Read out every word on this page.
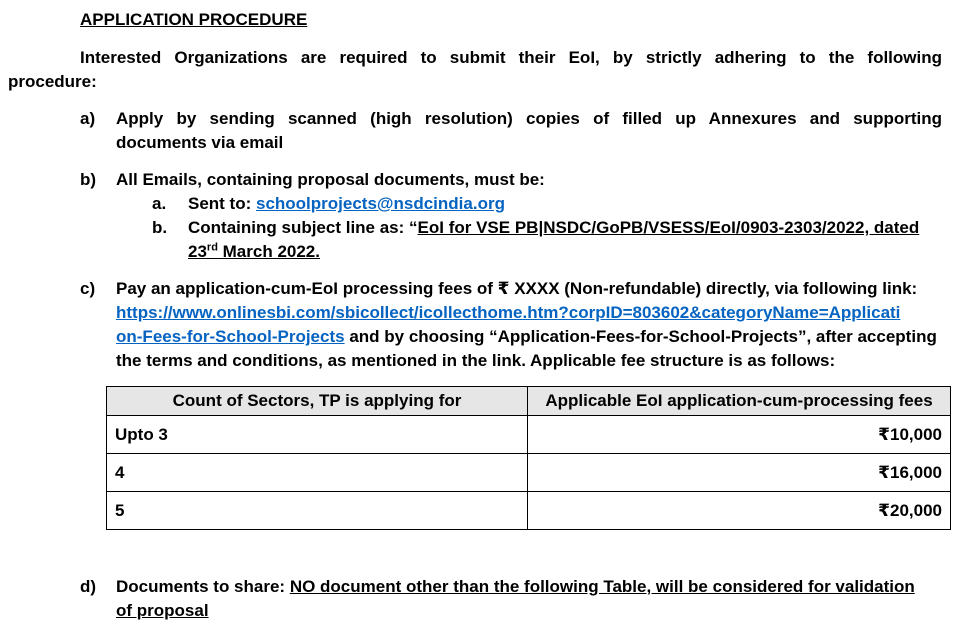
APPLICATION PROCEDURE
Interested Organizations are required to submit their EoI, by strictly adhering to the following
procedure:
a) Apply by sending scanned (high resolution) copies of filled up Annexures and supporting
documents via email
b) All Emails, containing proposal documents, must be:
a. Sent to: schoolprojects@nsdcindia.org
b. Containing subject line as: “EoI for VSE PB|NSDC/GoPB/VSESS/EoI/0903-2303/2022, dated
23rd March 2022.
c) Pay an application-cum-EoI processing fees of ₹ XXXX (Non-refundable) directly, via following link:
https://www.onlinesbi.com/sbicollect/icollecthome.htm?corpID=803602&categoryName=Applicati
on-Fees-for-School-Projects and by choosing “Application-Fees-for-School-Projects”, after accepting
the terms and conditions, as mentioned in the link. Applicable fee structure is as follows:
Count of Sectors, TP is applying for	Applicable EoI application-cum-processing fees
Upto 3	₹10,000
4	₹16,000
5	₹20,000
d) Documents to share: NO document other than the following Table, will be considered for validation
of proposal
